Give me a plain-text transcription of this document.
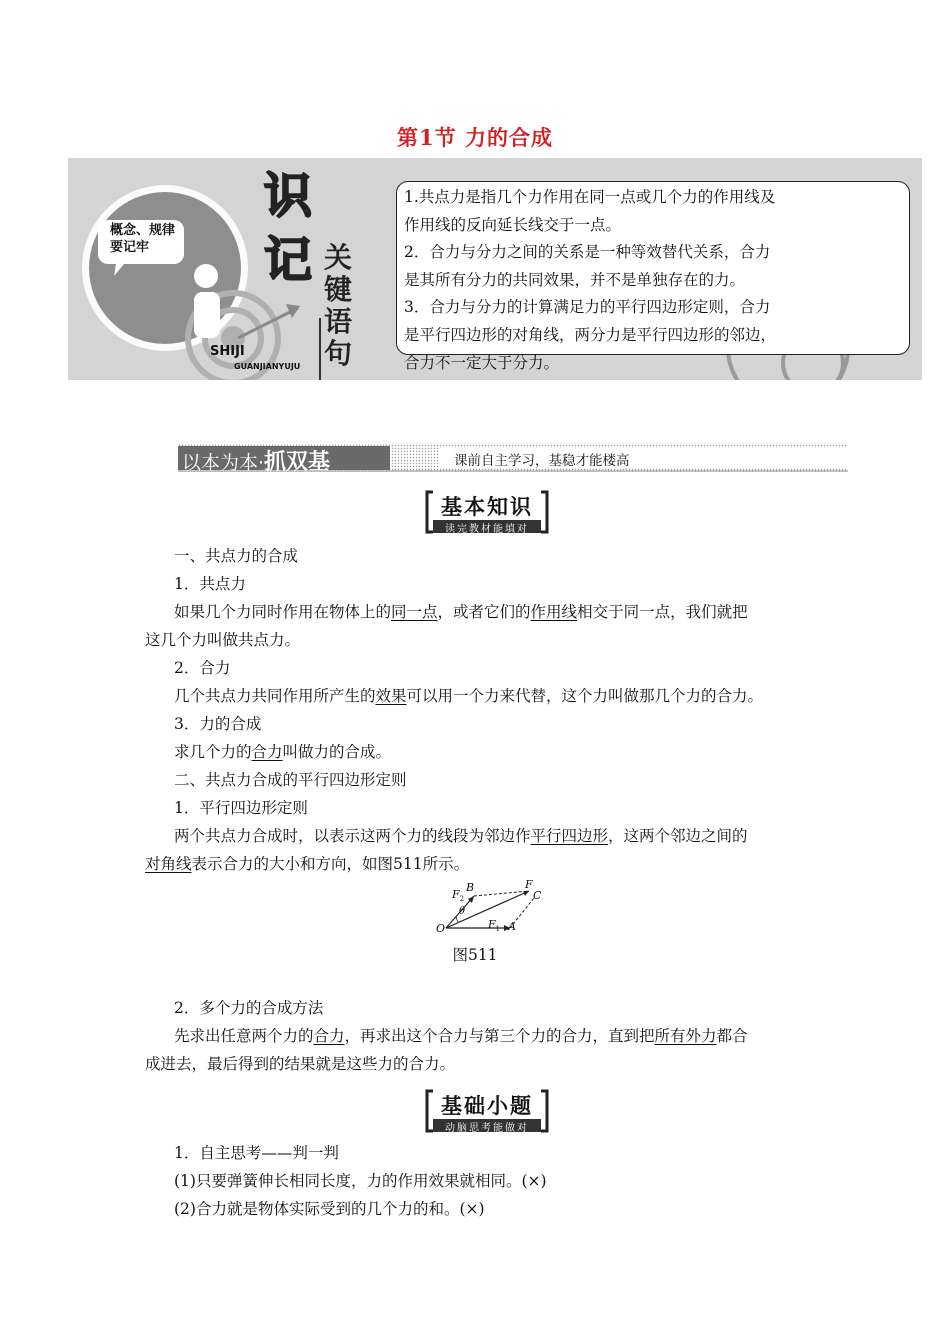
第1节 力的合成
概念、规律
要记牢
识
记 关
键
语
句
SHIJI
GUANJIANYUJU
1.共点力是指几个力作用在同一点或几个力的作用线及
作用线的反向延长线交于一点。
2．合力与分力之间的关系是一种等效替代关系，合力
是其所有分力的共同效果，并不是单独存在的力。
3．合力与分力的计算满足力的平行四边形定则，合力
是平行四边形的对角线，两分力是平行四边形的邻边，
合力不一定大于分力。
以本为本·抓双基	课前自主学习，基稳才能楼高
基本知识
读完教材能填对
一、共点力的合成
1．共点力
如果几个力同时作用在物体上的同一点，或者它们的作用线相交于同一点，我们就把
这几个力叫做共点力。
2．合力
几个共点力共同作用所产生的效果可以用一个力来代替，这个力叫做那几个力的合力。
3．力的合成
求几个力的合力叫做力的合成。
二、共点力合成的平行四边形定则
1．平行四边形定则
两个共点力合成时，以表示这两个力的线段为邻边作平行四边形，这两个邻边之间的
对角线表示合力的大小和方向，如图511所示。
O	A
B
C
F
$F_1$
$F_2$
θ
图511
2．多个力的合成方法
先求出任意两个力的合力，再求出这个合力与第三个力的合力，直到把所有外力都合
成进去，最后得到的结果就是这些力的合力。
基础小题
动脑思考能做对
1．自主思考——判一判
(1)只要弹簧伸长相同长度，力的作用效果就相同。(×)
(2)合力就是物体实际受到的几个力的和。(×)
